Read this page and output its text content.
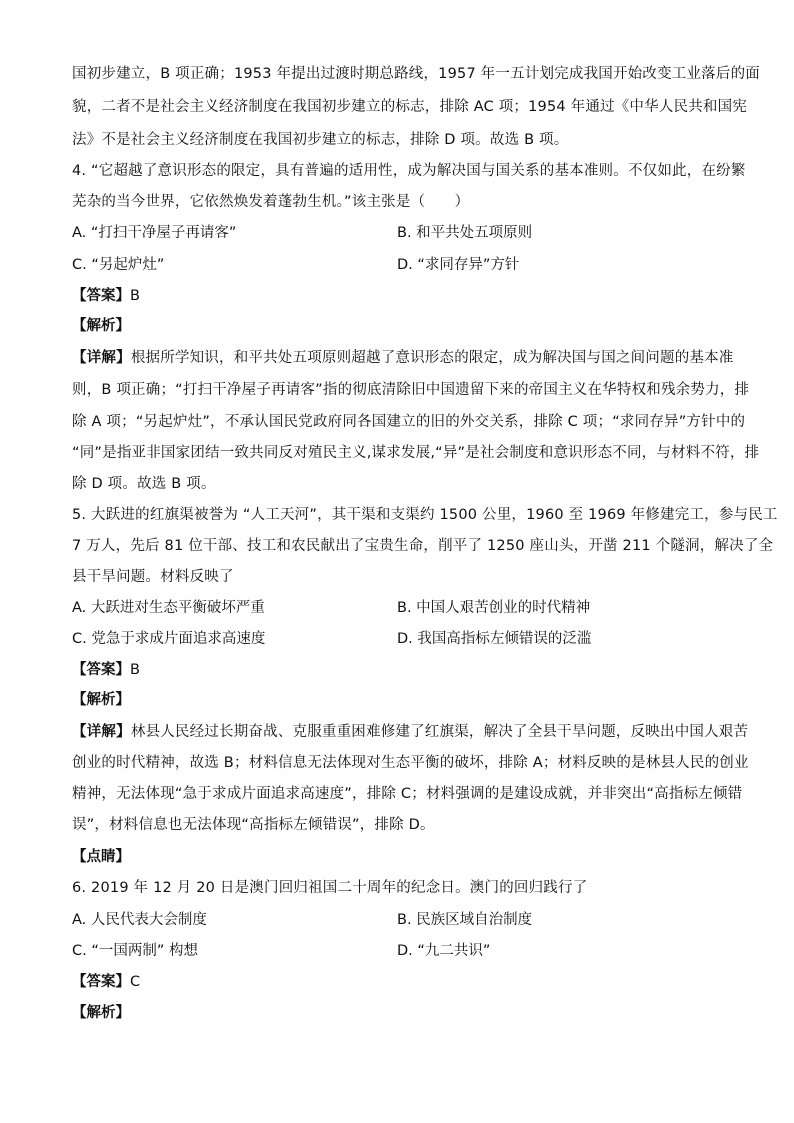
国初步建立，B 项正确；1953 年提出过渡时期总路线，1957 年一五计划完成我国开始改变工业落后的面
貌，二者不是社会主义经济制度在我国初步建立的标志，排除 AC 项；1954 年通过《中华人民共和国宪
法》不是社会主义经济制度在我国初步建立的标志，排除 D 项。故选 B 项。
4. “它超越了意识形态的限定，具有普遍的适用性，成为解决国与国关系的基本准则。不仅如此，在纷繁
芜杂的当今世界，它依然焕发着蓬勃生机。”该主张是（　　）
A. “打扫干净屋子再请客”	B. 和平共处五项原则
C. “另起炉灶”	D. “求同存异”方针
【答案】B
【解析】
【详解】根据所学知识，和平共处五项原则超越了意识形态的限定，成为解决国与国之间问题的基本准
则，B 项正确；“打扫干净屋子再请客”指的彻底清除旧中国遗留下来的帝国主义在华特权和残余势力，排
除 A 项；“另起炉灶”，不承认国民党政府同各国建立的旧的外交关系，排除 C 项；“求同存异”方针中的
“同”是指亚非国家团结一致共同反对殖民主义,谋求发展,“异”是社会制度和意识形态不同，与材料不符，排
除 D 项。故选 B 项。
5. 大跃进的红旗渠被誉为 “人工天河”，其干渠和支渠约 1500 公里，1960 至 1969 年修建完工，参与民工
7 万人，先后 81 位干部、技工和农民献出了宝贵生命，削平了 1250 座山头，开凿 211 个隧洞，解决了全
县干旱问题。材料反映了
A. 大跃进对生态平衡破坏严重	B. 中国人艰苦创业的时代精神
C. 党急于求成片面追求高速度	D. 我国高指标左倾错误的泛滥
【答案】B
【解析】
【详解】林县人民经过长期奋战、克服重重困难修建了红旗渠，解决了全县干旱问题，反映出中国人艰苦
创业的时代精神，故选 B；材料信息无法体现对生态平衡的破坏，排除 A；材料反映的是林县人民的创业
精神，无法体现“急于求成片面追求高速度”，排除 C；材料强调的是建设成就，并非突出“高指标左倾错
误”，材料信息也无法体现“高指标左倾错误”，排除 D。
【点睛】
6. 2019 年 12 月 20 日是澳门回归祖国二十周年的纪念日。澳门的回归践行了
A. 人民代表大会制度	B. 民族区域自治制度
C. “一国两制” 构想	D. “九二共识”
【答案】C
【解析】
